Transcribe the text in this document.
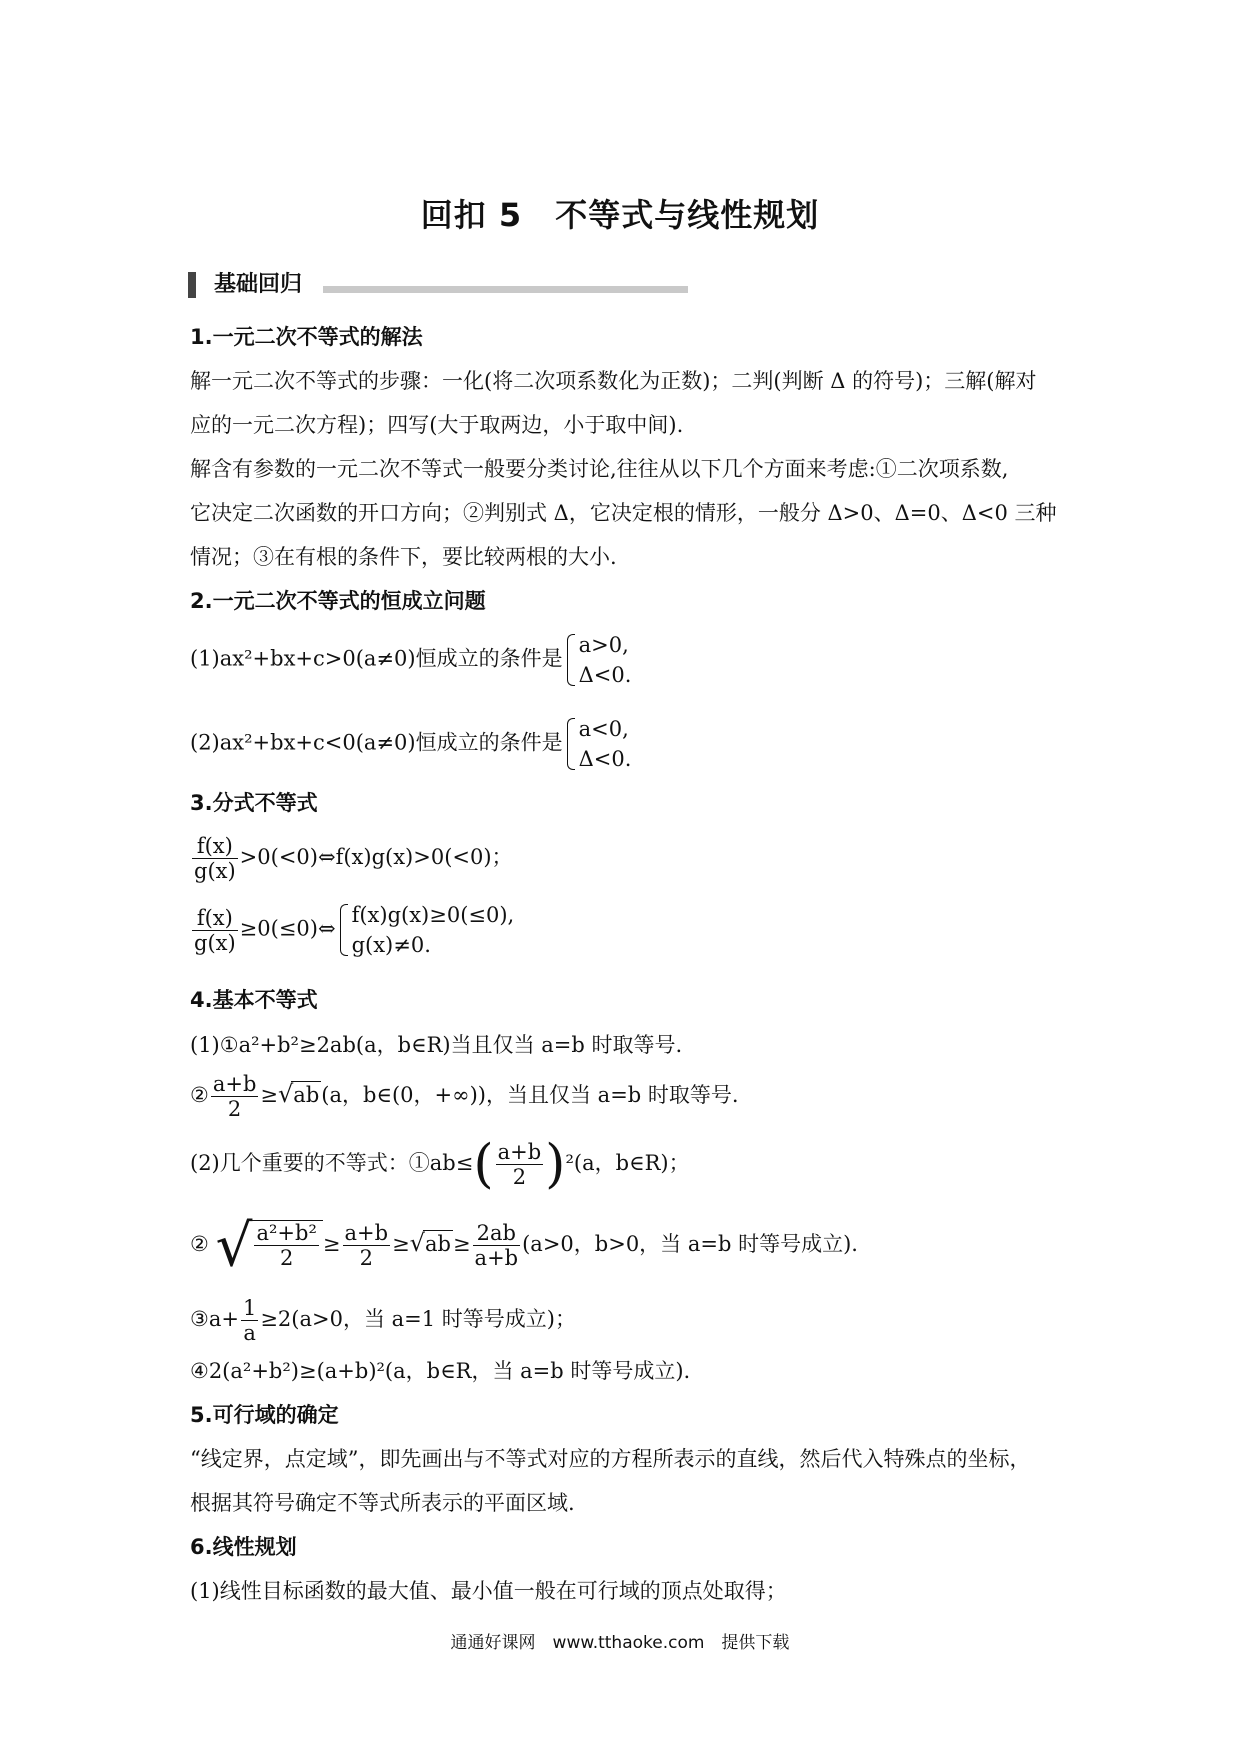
回扣 5　不等式与线性规划
基础回归
1.一元二次不等式的解法
解一元二次不等式的步骤：一化(将二次项系数化为正数)；二判(判断 Δ 的符号)；三解(解对
应的一元二次方程)；四写(大于取两边，小于取中间).
解含有参数的一元二次不等式一般要分类讨论,往往从以下几个方面来考虑:①二次项系数,
它决定二次函数的开口方向；②判别式 Δ，它决定根的情形，一般分 Δ>0、Δ=0、Δ<0 三种
情况；③在有根的条件下，要比较两根的大小.
2.一元二次不等式的恒成立问题
(1)ax²+bx+c>0(a≠0)恒成立的条件是
a>0,
Δ<0.
(2)ax²+bx+c<0(a≠0)恒成立的条件是
a<0,
Δ<0.
3.分式不等式
$\frac{f(x)}{g(x)}$ >0(<0)⇔f(x)g(x)>0(<0)；
$\frac{f(x)}{g(x)}$ ≥0(≤0)⇔
f(x)g(x)≥0(≤0),
g(x)≠0.
4.基本不等式
(1)①a²+b²≥2ab(a，b∈R)当且仅当 a=b 时取等号.
② $\frac{a+b}{2} \ge√ab(a$，b∈(0，+∞))，当且仅当 a=b 时取等号.
(2)几个重要的不等式：①ab≤( $\frac{a+b}{2} )^2(a$，b∈R)；
② √ $\frac{\text{a²+b²}}{2} \ge \frac{a+b}{2} \ge√ab\ge \frac{2ab}{a+b} (a>0$，b>0，当 a=b 时等号成立).
③a+ $\frac{1}{a} \ge 2(a>0$，当 a=1 时等号成立)；
④2(a²+b²)≥(a+b)²(a，b∈R，当 a=b 时等号成立).
5.可行域的确定
“线定界，点定域”，即先画出与不等式对应的方程所表示的直线，然后代入特殊点的坐标，
根据其符号确定不等式所表示的平面区域.
6.线性规划
(1)线性目标函数的最大值、最小值一般在可行域的顶点处取得；
通通好课网　www.tthaoke.com　提供下载
